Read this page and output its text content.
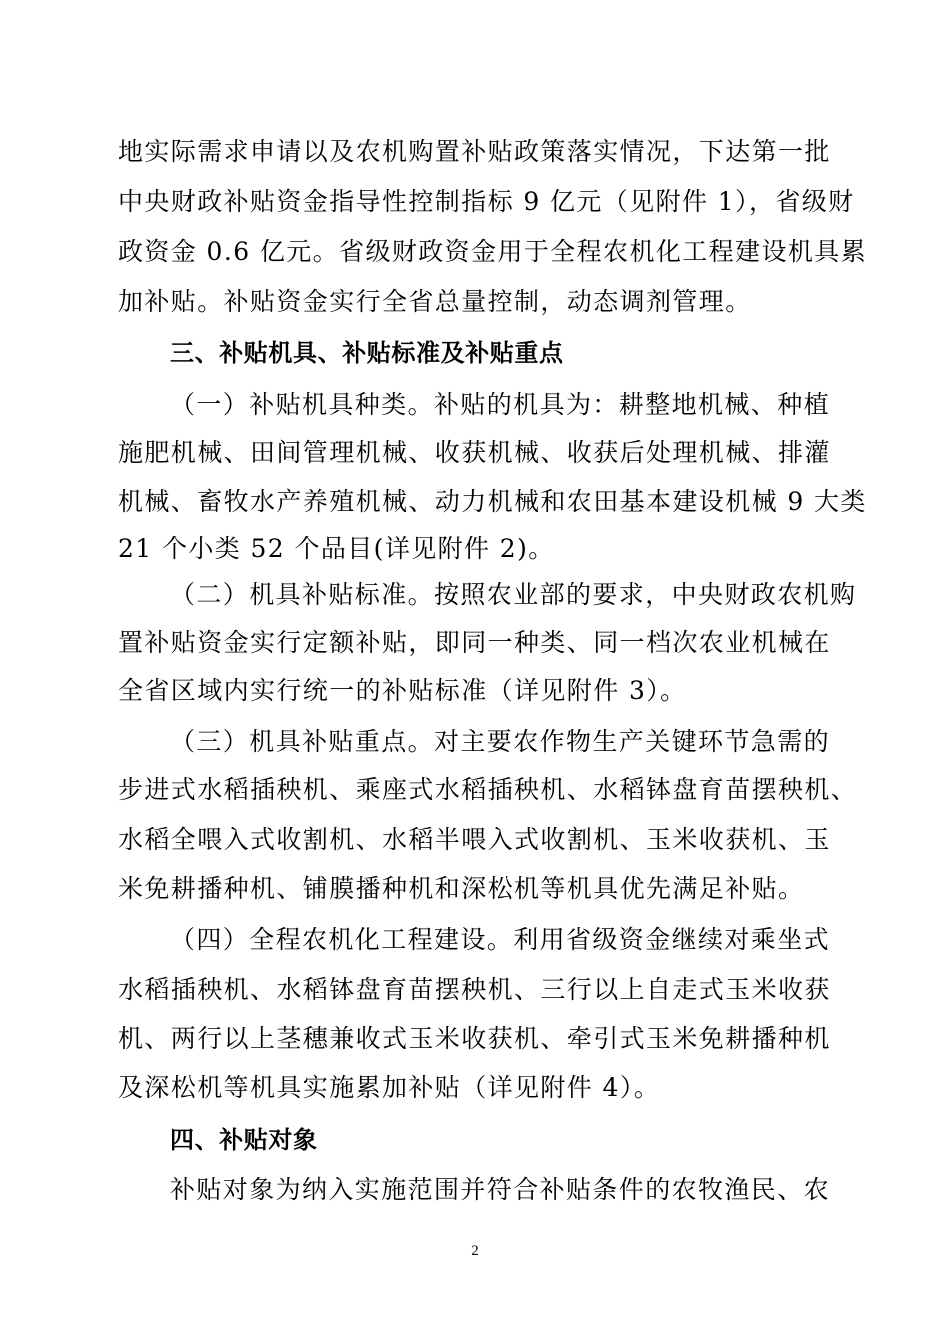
地实际需求申请以及农机购置补贴政策落实情况，下达第一批
中央财政补贴资金指导性控制指标 9 亿元（见附件 1），省级财
政资金 0.6 亿元。省级财政资金用于全程农机化工程建设机具累
加补贴。补贴资金实行全省总量控制，动态调剂管理。
三、补贴机具、补贴标准及补贴重点
（一）补贴机具种类。补贴的机具为：耕整地机械、种植
施肥机械、田间管理机械、收获机械、收获后处理机械、排灌
机械、畜牧水产养殖机械、动力机械和农田基本建设机械 9 大类
21 个小类 52 个品目(详见附件 2)。
（二）机具补贴标准。按照农业部的要求，中央财政农机购
置补贴资金实行定额补贴，即同一种类、同一档次农业机械在
全省区域内实行统一的补贴标准（详见附件 3）。
（三）机具补贴重点。对主要农作物生产关键环节急需的
步进式水稻插秧机、乘座式水稻插秧机、水稻钵盘育苗摆秧机、
水稻全喂入式收割机、水稻半喂入式收割机、玉米收获机、玉
米免耕播种机、铺膜播种机和深松机等机具优先满足补贴。
（四）全程农机化工程建设。利用省级资金继续对乘坐式
水稻插秧机、水稻钵盘育苗摆秧机、三行以上自走式玉米收获
机、两行以上茎穗兼收式玉米收获机、牵引式玉米免耕播种机
及深松机等机具实施累加补贴（详见附件 4）。
四、补贴对象
补贴对象为纳入实施范围并符合补贴条件的农牧渔民、农
2
